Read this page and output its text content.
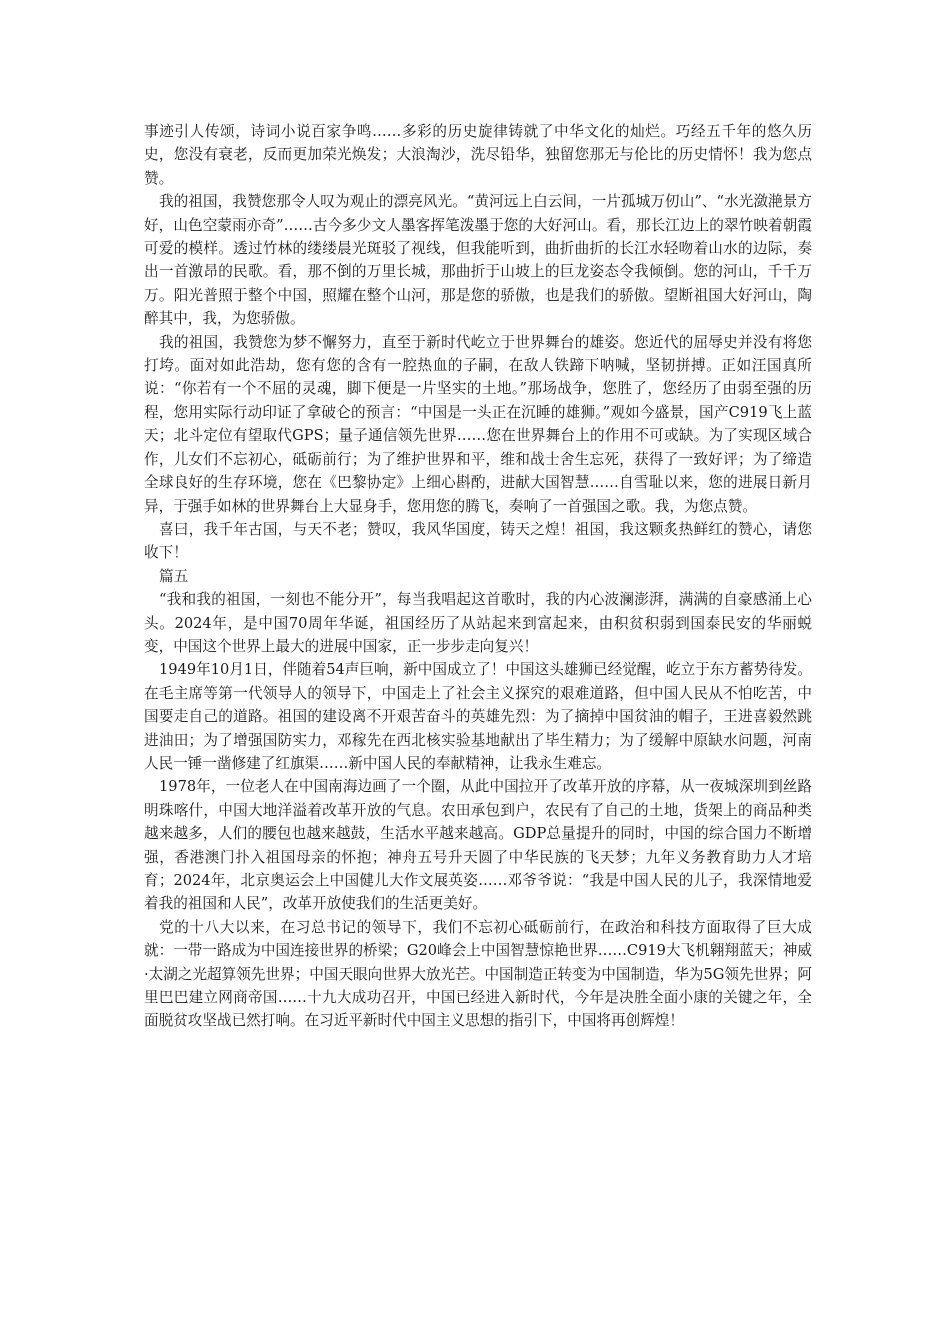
事迹引人传颂，诗词小说百家争鸣……多彩的历史旋律铸就了中华文化的灿烂。巧经五千年的悠久历史，您没有衰老，反而更加荣光焕发；大浪淘沙，洗尽铅华，独留您那无与伦比的历史情怀！我为您点赞。

我的祖国，我赞您那令人叹为观止的漂亮风光。“黄河远上白云间，一片孤城万仞山”、“水光潋滟景方好，山色空蒙雨亦奇”……古今多少文人墨客挥笔泼墨于您的大好河山。看，那长江边上的翠竹映着朝霞可爱的模样。透过竹林的缕缕晨光斑驳了视线，但我能听到，曲折曲折的长江水轻吻着山水的边际，奏出一首激昂的民歌。看，那不倒的万里长城，那曲折于山坡上的巨龙姿态令我倾倒。您的河山，千千万万。阳光普照于整个中国，照耀在整个山河，那是您的骄傲，也是我们的骄傲。望断祖国大好河山，陶醉其中，我，为您骄傲。

我的祖国，我赞您为梦不懈努力，直至于新时代屹立于世界舞台的雄姿。您近代的屈辱史并没有将您打垮。面对如此浩劫，您有您的含有一腔热血的子嗣，在敌人铁蹄下呐喊，坚韧拼搏。正如汪国真所说：“你若有一个不屈的灵魂，脚下便是一片坚实的土地。”那场战争，您胜了，您经历了由弱至强的历程，您用实际行动印证了拿破仑的预言：“中国是一头正在沉睡的雄狮。”观如今盛景，国产C919飞上蓝天；北斗定位有望取代GPS；量子通信领先世界……您在世界舞台上的作用不可或缺。为了实现区域合作，儿女们不忘初心，砥砺前行；为了维护世界和平，维和战士舍生忘死，获得了一致好评；为了缔造全球良好的生存环境，您在《巴黎协定》上细心斟酌，进献大国智慧……自雪耻以来，您的进展日新月异，于强手如林的世界舞台上大显身手，您用您的腾飞，奏响了一首强国之歌。我，为您点赞。

喜曰，我千年古国，与天不老；赞叹，我风华国度，铸天之煌！祖国，我这颗炙热鲜红的赞心，请您收下！

篇五

“我和我的祖国，一刻也不能分开”，每当我唱起这首歌时，我的内心波澜澎湃，满满的自豪感涌上心头。2024年，是中国70周年华诞，祖国经历了从站起来到富起来，由积贫积弱到国泰民安的华丽蜕变，中国这个世界上最大的进展中国家，正一步步走向复兴！

1949年10月1日，伴随着54声巨响，新中国成立了！中国这头雄狮已经觉醒，屹立于东方蓄势待发。在毛主席等第一代领导人的领导下，中国走上了社会主义探究的艰难道路，但中国人民从不怕吃苦，中国要走自己的道路。祖国的建设离不开艰苦奋斗的英雄先烈：为了摘掉中国贫油的帽子，王进喜毅然跳进油田；为了增强国防实力，邓稼先在西北核实验基地献出了毕生精力；为了缓解中原缺水问题，河南人民一锤一凿修建了红旗渠……新中国人民的奉献精神，让我永生难忘。

1978年，一位老人在中国南海边画了一个圈，从此中国拉开了改革开放的序幕，从一夜城深圳到丝路明珠喀什，中国大地洋溢着改革开放的气息。农田承包到户，农民有了自己的土地，货架上的商品种类越来越多，人们的腰包也越来越鼓，生活水平越来越高。GDP总量提升的同时，中国的综合国力不断增强，香港澳门扑入祖国母亲的怀抱；神舟五号升天圆了中华民族的飞天梦；九年义务教育助力人才培育；2024年，北京奥运会上中国健儿大作文展英姿……邓爷爷说：“我是中国人民的儿子，我深情地爱着我的祖国和人民”，改革开放使我们的生活更美好。

党的十八大以来，在习总书记的领导下，我们不忘初心砥砺前行，在政治和科技方面取得了巨大成就：一带一路成为中国连接世界的桥梁；G20峰会上中国智慧惊艳世界……C919大飞机翱翔蓝天；神威·太湖之光超算领先世界；中国天眼向世界大放光芒。中国制造正转变为中国制造，华为5G领先世界；阿里巴巴建立网商帝国……十九大成功召开，中国已经进入新时代，今年是决胜全面小康的关键之年，全面脱贫攻坚战已然打响。在习近平新时代中国主义思想的指引下，中国将再创辉煌！
